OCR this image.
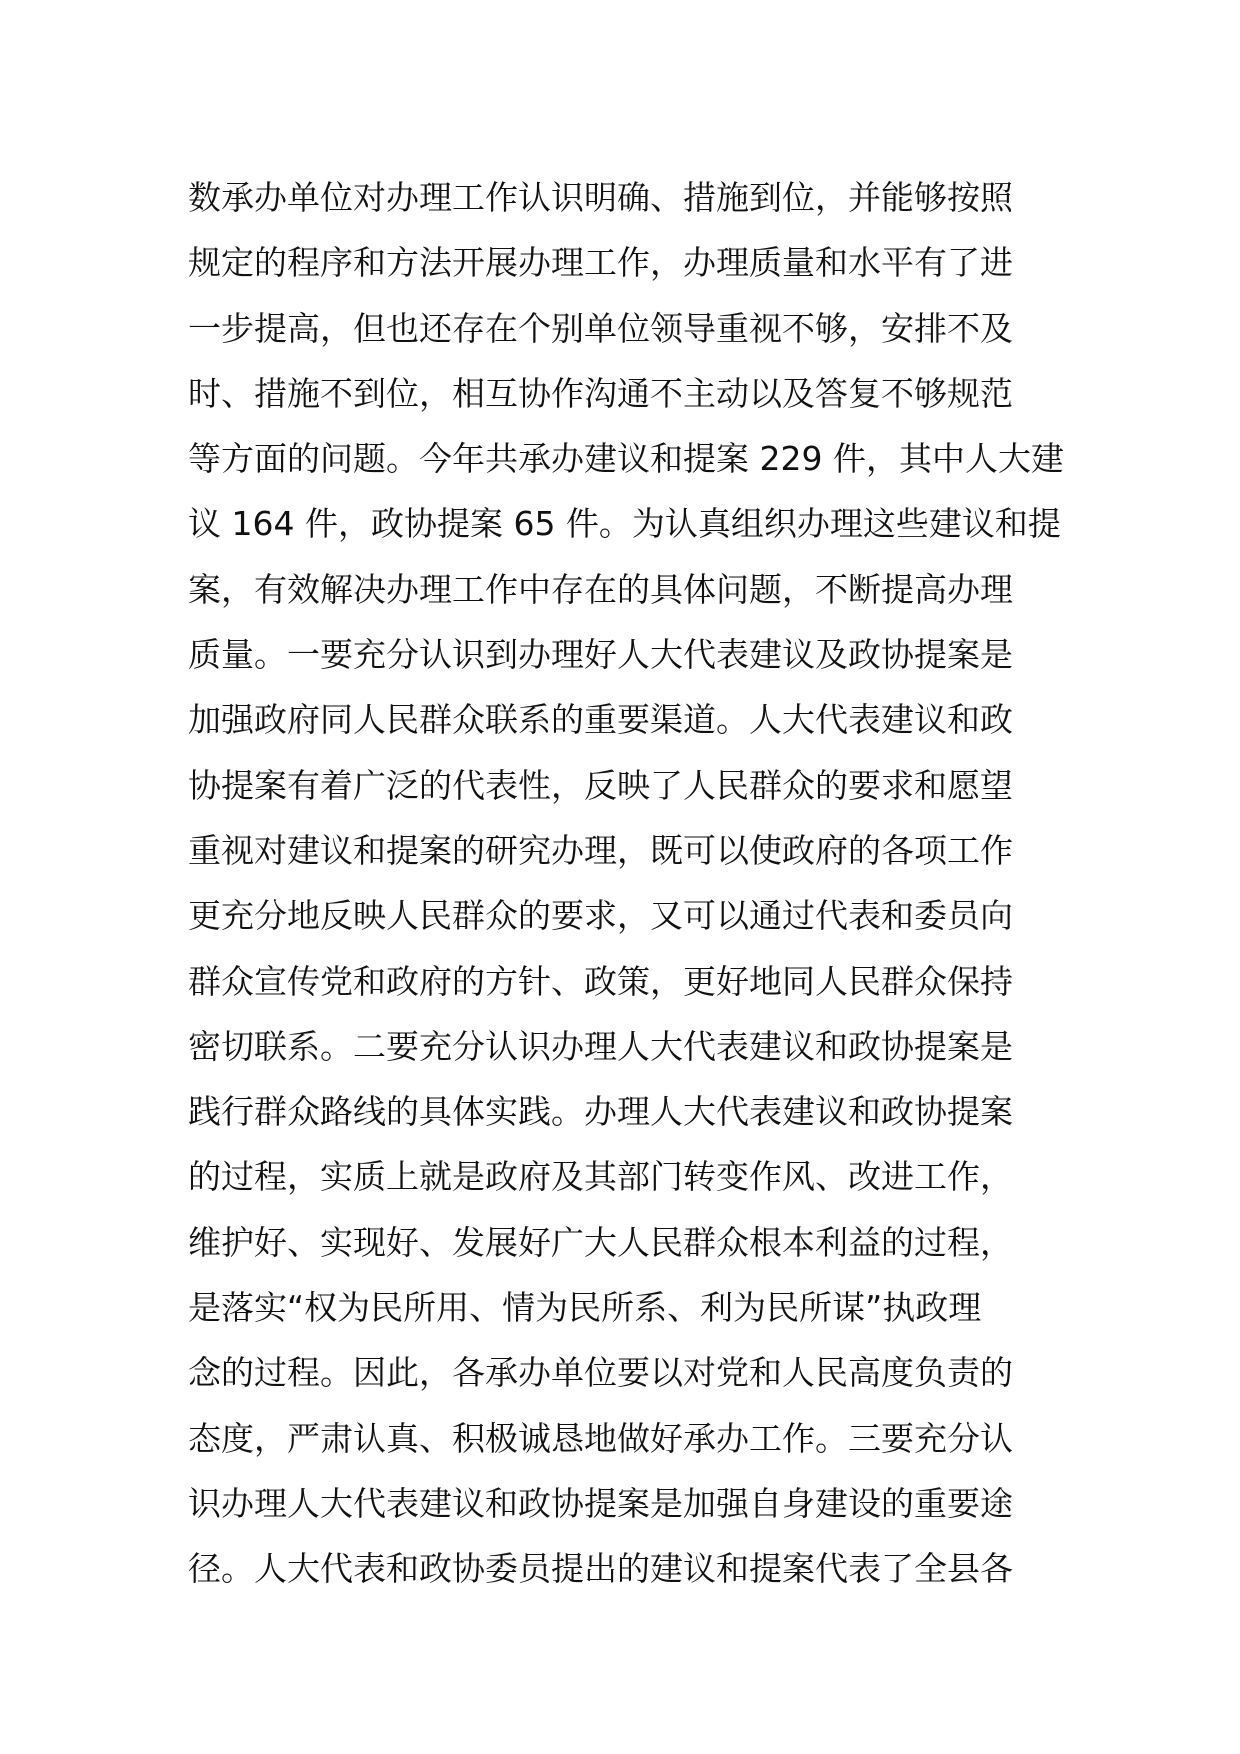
数承办单位对办理工作认识明确、措施到位，并能够按照
规定的程序和方法开展办理工作，办理质量和水平有了进
一步提高，但也还存在个别单位领导重视不够，安排不及
时、措施不到位，相互协作沟通不主动以及答复不够规范
等方面的问题。今年共承办建议和提案 229 件，其中人大建
议 164 件，政协提案 65 件。为认真组织办理这些建议和提
案，有效解决办理工作中存在的具体问题，不断提高办理
质量。一要充分认识到办理好人大代表建议及政协提案是
加强政府同人民群众联系的重要渠道。人大代表建议和政
协提案有着广泛的代表性，反映了人民群众的要求和愿望
重视对建议和提案的研究办理，既可以使政府的各项工作
更充分地反映人民群众的要求，又可以通过代表和委员向
群众宣传党和政府的方针、政策，更好地同人民群众保持
密切联系。二要充分认识办理人大代表建议和政协提案是
践行群众路线的具体实践。办理人大代表建议和政协提案
的过程，实质上就是政府及其部门转变作风、改进工作，
维护好、实现好、发展好广大人民群众根本利益的过程，
是落实“权为民所用、情为民所系、利为民所谋”执政理
念的过程。因此，各承办单位要以对党和人民高度负责的
态度，严肃认真、积极诚恳地做好承办工作。三要充分认
识办理人大代表建议和政协提案是加强自身建设的重要途
径。人大代表和政协委员提出的建议和提案代表了全县各
